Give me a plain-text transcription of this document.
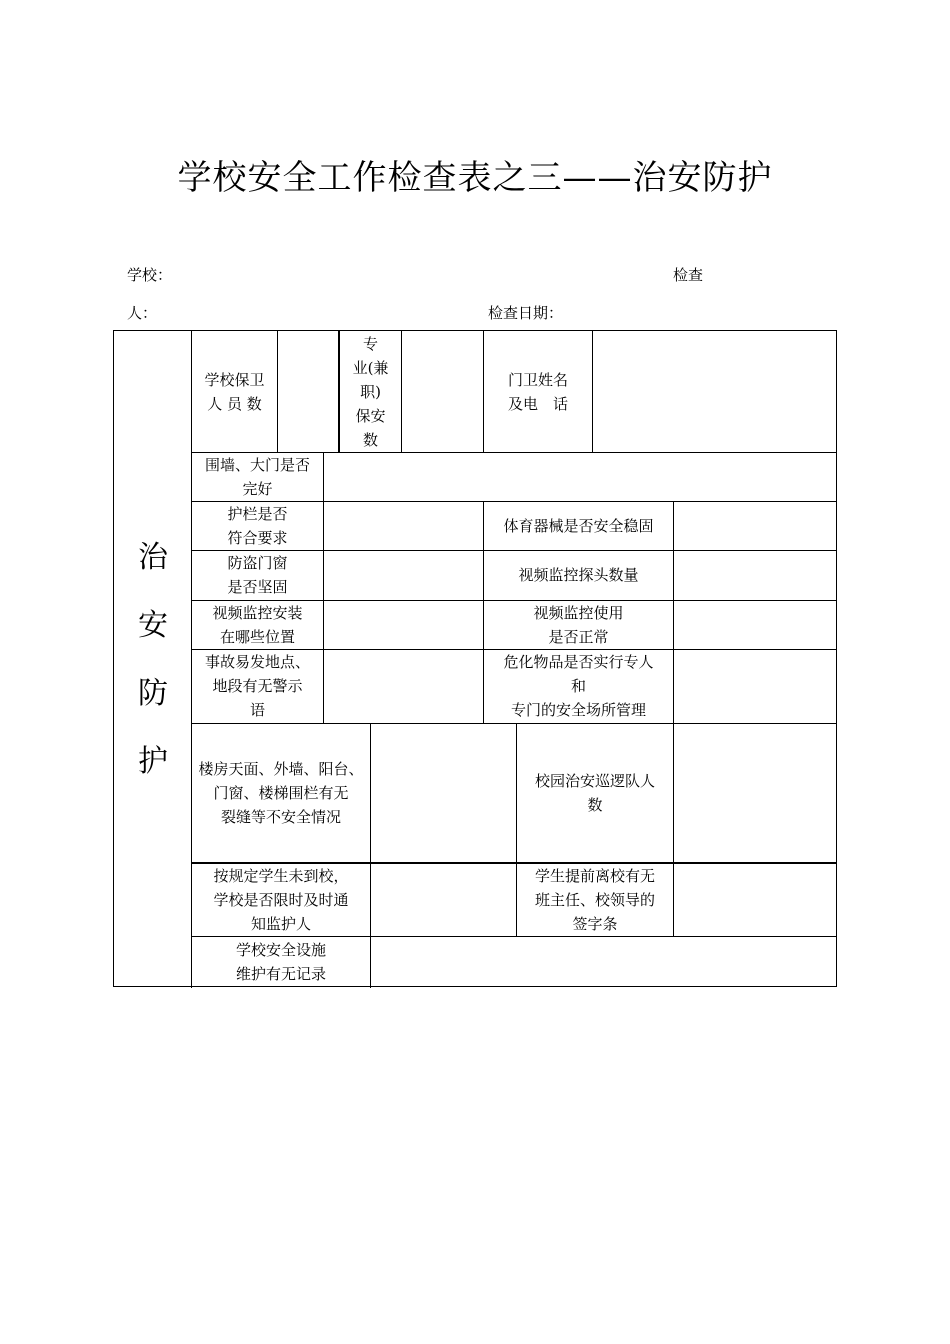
学校安全工作检查表之三——治安防护
学校：	检查
人：	检查日期：
治
安
防
护
学校保卫
人 员 数
专
业(兼
职)
保安
数
门卫姓名
及电　话
围墙、大门是否
完好
护栏是否
符合要求
体育器械是否安全稳固
防盗门窗
是否坚固
视频监控探头数量
视频监控安装
在哪些位置
视频监控使用
是否正常
事故易发地点、
地段有无警示
语
危化物品是否实行专人
和
专门的安全场所管理
楼房天面、外墙、阳台、
门窗、楼梯围栏有无
裂缝等不安全情况
校园治安巡逻队人
数
按规定学生未到校，
学校是否限时及时通
知监护人
学生提前离校有无
班主任、校领导的
签字条
学校安全设施
维护有无记录
